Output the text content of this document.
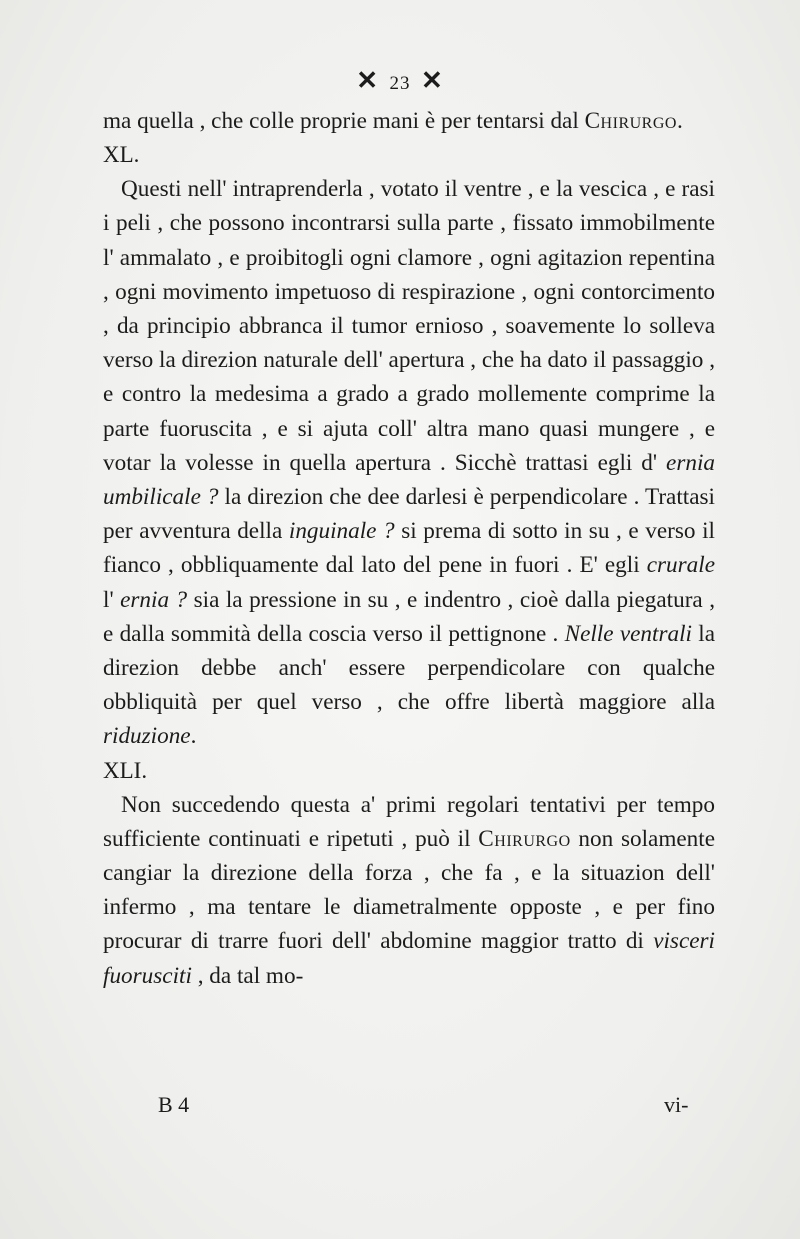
✕ 23 ✕

ma quella , che colle proprie mani è per tentarsi dal Chirurgo.

XL.

Questi nell' intraprenderla , votato il ventre , e la vescica , e rasi i peli , che possono incontrarsi sulla parte , fissato immobilmente l' ammalato , e proibitogli ogni clamore , ogni agitazion repentina , ogni movimento impetuoso di respirazione , ogni contorcimento , da principio abbranca il tumor ernioso , soavemente lo solleva verso la direzion naturale dell' apertura , che ha dato il passaggio , e contro la medesima a grado a grado mollemente comprime la parte fuoruscita , e si ajuta coll' altra mano quasi mungere , e votar la volesse in quella apertura . Sicchè trattasi egli d' ernia umbilicale ? la direzion che dee darlesi è perpendicolare . Trattasi per avventura della inguinale ? si prema di sotto in su , e verso il fianco , obbliquamente dal lato del pene in fuori . E' egli crurale l' ernia ? sia la pressione in su , e indentro , cioè dalla piegatura , e dalla sommità della coscia verso il pettignone . Nelle ventrali la direzion debbe anch' essere perpendicolare con qualche obbliquità per quel verso , che offre libertà maggiore alla riduzione.

XLI.

Non succedendo questa a' primi regolari tentativi per tempo sufficiente continuati e ripetuti , può il Chirurgo non solamente cangiar la direzione della forza , che fa , e la situazion dell' infermo , ma tentare le diametralmente opposte , e per fino procurar di trarre fuori dell' abdomine maggior tratto di visceri fuorusciti , da tal mo-

B 4	vi-
